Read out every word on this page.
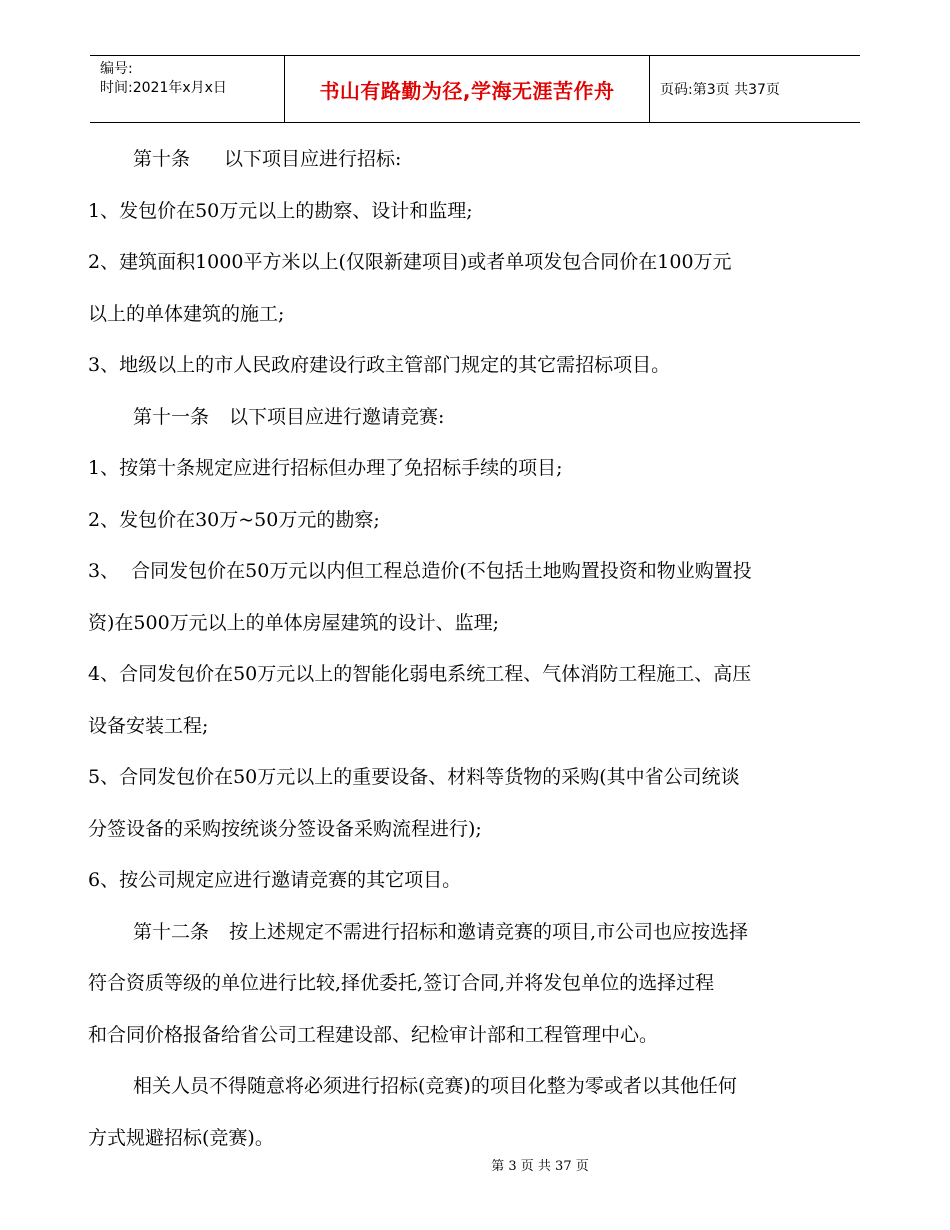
编号:
时间:2021年x月x日	书山有路勤为径,学海无涯苦作舟	页码:第3页 共37页
第十条 以下项目应进行招标:
1、发包价在50万元以上的勘察、设计和监理;
2、建筑面积1000平方米以上(仅限新建项目)或者单项发包合同价在100万元
以上的单体建筑的施工;
3、地级以上的市人民政府建设行政主管部门规定的其它需招标项目。
第十一条 以下项目应进行邀请竞赛:
1、按第十条规定应进行招标但办理了免招标手续的项目;
2、发包价在30万~50万元的勘察;
3、  合同发包价在50万元以内但工程总造价(不包括土地购置投资和物业购置投
资)在500万元以上的单体房屋建筑的设计、监理;
4、合同发包价在50万元以上的智能化弱电系统工程、气体消防工程施工、高压
设备安装工程;
5、合同发包价在50万元以上的重要设备、材料等货物的采购(其中省公司统谈
分签设备的采购按统谈分签设备采购流程进行);
6、按公司规定应进行邀请竞赛的其它项目。
第十二条 按上述规定不需进行招标和邀请竞赛的项目,市公司也应按选择
符合资质等级的单位进行比较,择优委托,签订合同,并将发包单位的选择过程
和合同价格报备给省公司工程建设部、纪检审计部和工程管理中心。
相关人员不得随意将必须进行招标(竞赛)的项目化整为零或者以其他任何
方式规避招标(竞赛)。
第 3 页 共 37 页
